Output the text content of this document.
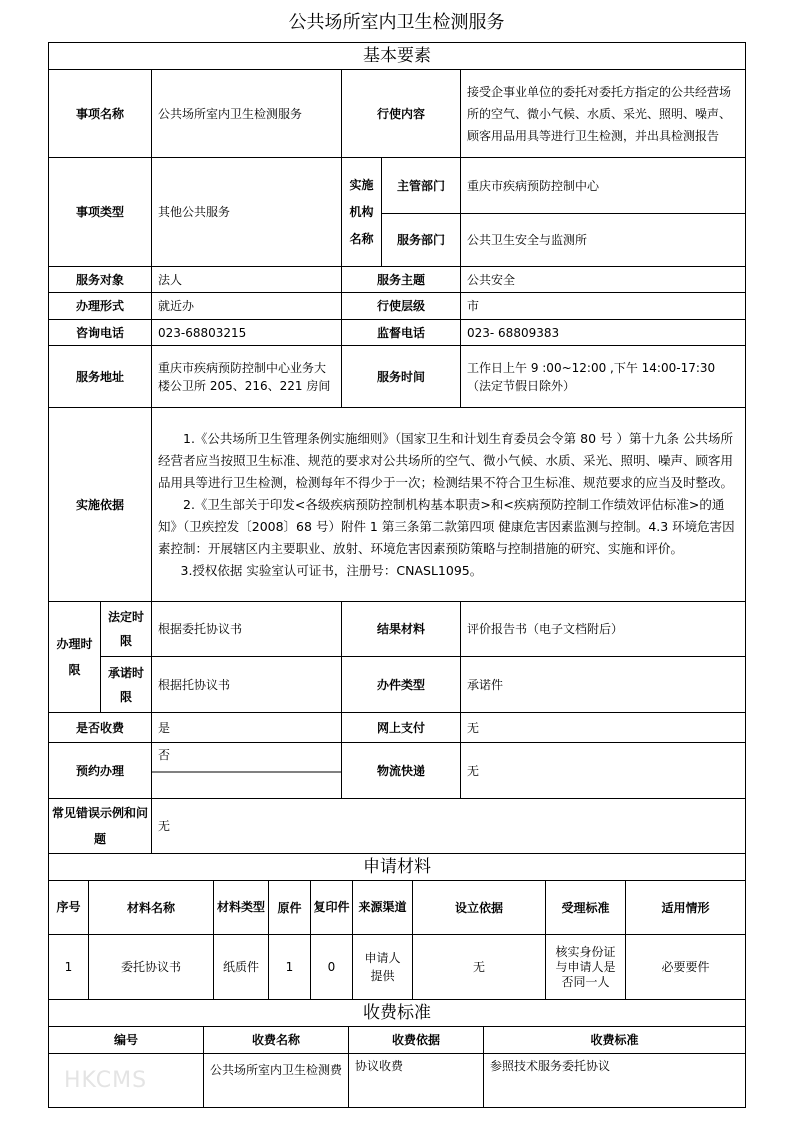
公共场所室内卫生检测服务
基本要素					
事项名称		公共场所室内卫生检测服务	行使内容		接受企事业单位的委托对委托方指定的公共经营场所的空气、微小气候、水质、采光、照明、噪声、顾客用品用具等进行卫生检测，并出具检测报告
事项类型		其他公共服务	实施机构名称	主管部门	重庆市疾病预防控制中心
				服务部门	公共卫生安全与监测所
服务对象		法人	服务主题		公共安全
办理形式		就近办	行使层级		市
咨询电话		023-68803215	监督电话		023- 68809383
服务地址		重庆市疾病预防控制中心业务大楼公卫所 205、216、221 房间	服务时间		工作日上午 9 :00~12:00 ,下午 14:00-17:30（法定节假日除外）
实施依据		1.《公共场所卫生管理条例实施细则》（国家卫生和计划生育委员会令第 80 号 ）第十九条 公共场所经营者应当按照卫生标准、规范的要求对公共场所的空气、微小气候、水质、采光、照明、噪声、顾客用品用具等进行卫生检测，检测每年不得少于一次；检测结果不符合卫生标准、规范要求的应当及时整改。

2.《卫生部关于印发<各级疾病预防控制机构基本职责>和<疾病预防控制工作绩效评估标准>的通知》（卫疾控发〔2008〕68 号）附件 1 第三条第二款第四项 健康危害因素监测与控制。4.3 环境危害因素控制：开展辖区内主要职业、放射、环境危害因素预防策略与控制措施的研究、实施和评价。

3.授权依据 实验室认可证书，注册号：CNASL1095。			

办理时限	法定时限	根据委托协议书	结果材料		评价报告书（电子文档附后）
	承诺时限	根据托协议书	办件类型		承诺件
是否收费		是	网上支付		无
预约办理		否	物流快递		无
常见错误示例和问题		无			
申请材料					
序号	材料名称	材料类型	原件	复印件	来源渠道	设立依据	受理标准	适用情形
1	委托协议书	纸质件	1	0	申请人提供	无	核实身份证与申请人是否同一人	必要要件
收费标准			
编号	收费名称	收费依据	收费标准
	公共场所室内卫生检测费	协议收费	参照技术服务委托协议
HKCMS
